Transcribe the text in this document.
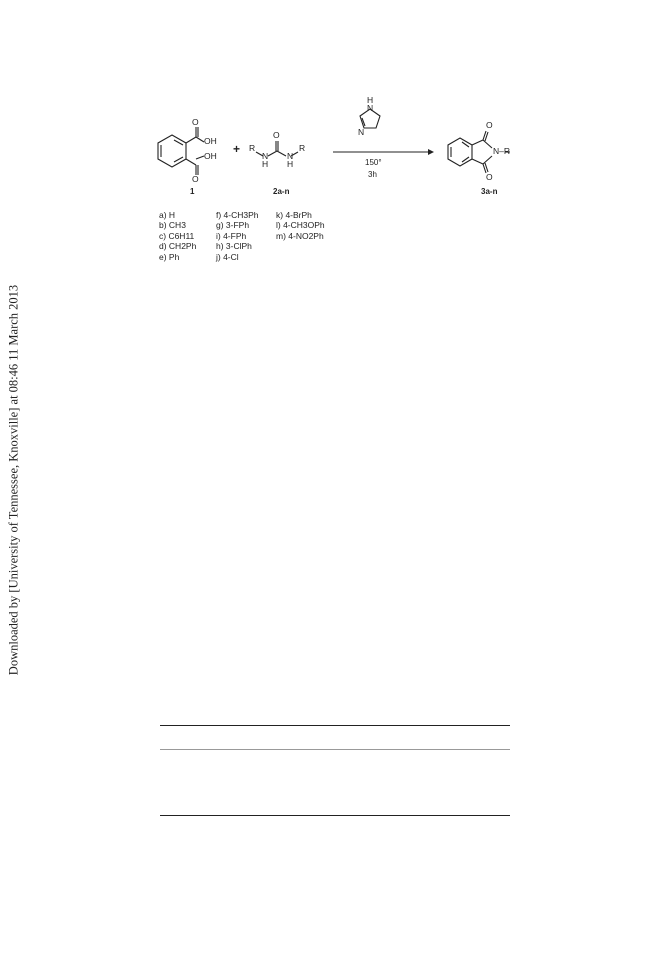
Downloaded by [University of Tennessee, Knoxville] at 08:46 11 March 2013
O
OH
OH
O
+
O
R	R
N N
H H
H
N
N
150°
3h
O
N–R
O
1	2a-n	3a-n
a) H
b) CH3
c) C6H11
d) CH2Ph
e) Ph
f) 4-CH3Ph
g) 3-FPh
i) 4-FPh
h) 3-ClPh
j) 4-Cl
k) 4-BrPh
l) 4-CH3OPh
m) 4-NO2Ph
